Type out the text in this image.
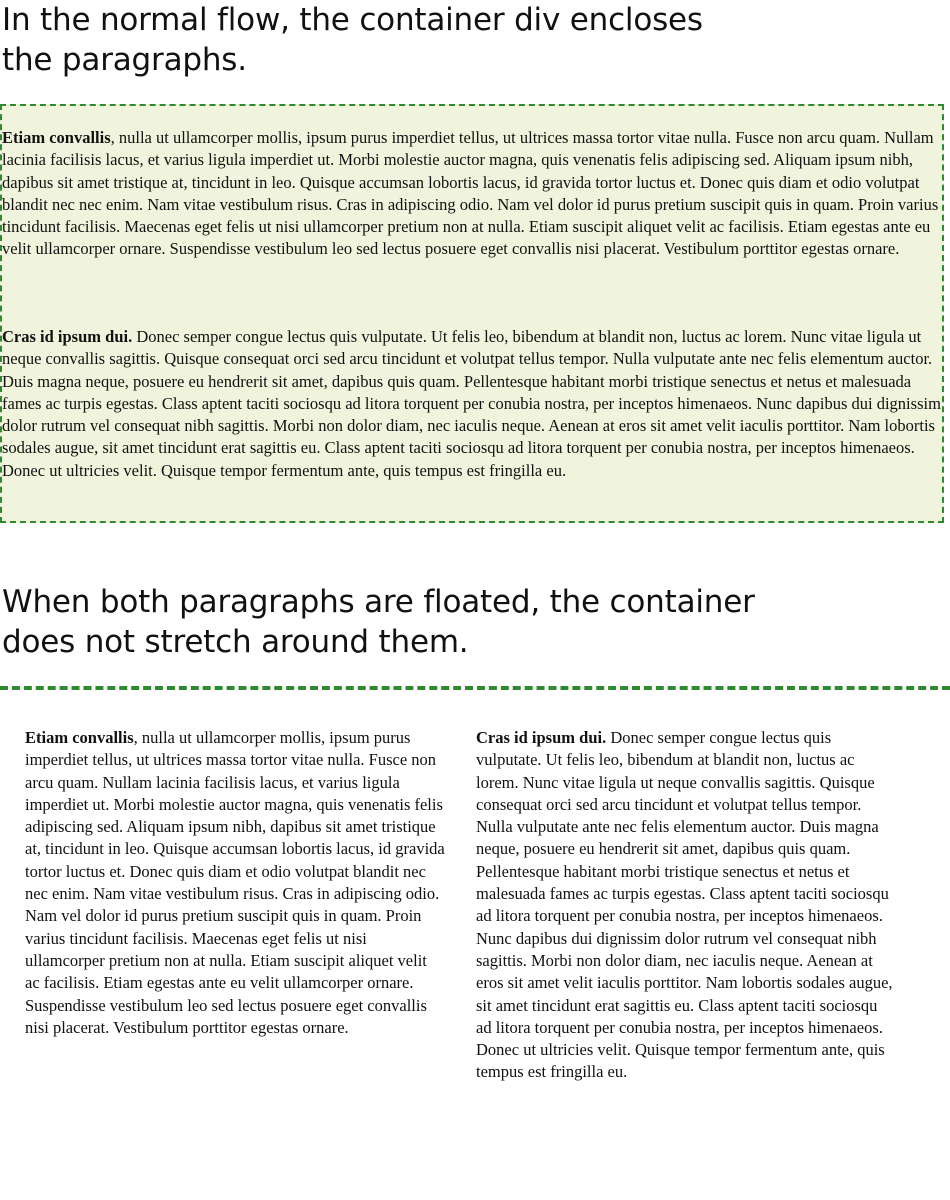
In the normal flow, the container div encloses
the paragraphs.

Etiam convallis, nulla ut ullamcorper mollis, ipsum purus imperdiet tellus, ut ultrices massa tortor vitae nulla. Fusce non arcu quam. Nullam lacinia facilisis lacus, et varius ligula imperdiet ut. Morbi molestie auctor magna, quis venenatis felis adipiscing sed. Aliquam ipsum nibh, dapibus sit amet tristique at, tincidunt in leo. Quisque accumsan lobortis lacus, id gravida tortor luctus et. Donec quis diam et odio volutpat blandit nec nec enim. Nam vitae vestibulum risus. Cras in adipiscing odio. Nam vel dolor id purus pretium suscipit quis in quam. Proin varius tincidunt facilisis. Maecenas eget felis ut nisi ullamcorper pretium non at nulla. Etiam suscipit aliquet velit ac facilisis. Etiam egestas ante eu velit ullamcorper ornare. Suspendisse vestibulum leo sed lectus posuere eget convallis nisi placerat. Vestibulum porttitor egestas ornare.

Cras id ipsum dui. Donec semper congue lectus quis vulputate. Ut felis leo, bibendum at blandit non, luctus ac lorem. Nunc vitae ligula ut neque convallis sagittis. Quisque consequat orci sed arcu tincidunt et volutpat tellus tempor. Nulla vulputate ante nec felis elementum auctor. Duis magna neque, posuere eu hendrerit sit amet, dapibus quis quam. Pellentesque habitant morbi tristique senectus et netus et malesuada fames ac turpis egestas. Class aptent taciti sociosqu ad litora torquent per conubia nostra, per inceptos himenaeos. Nunc dapibus dui dignissim dolor rutrum vel consequat nibh sagittis. Morbi non dolor diam, nec iaculis neque. Aenean at eros sit amet velit iaculis porttitor. Nam lobortis sodales augue, sit amet tincidunt erat sagittis eu. Class aptent taciti sociosqu ad litora torquent per conubia nostra, per inceptos himenaeos. Donec ut ultricies velit. Quisque tempor fermentum ante, quis tempus est fringilla eu.

When both paragraphs are floated, the container
does not stretch around them.

Etiam convallis, nulla ut ullamcorper mollis, ipsum purus imperdiet tellus, ut ultrices massa tortor vitae nulla. Fusce non arcu quam. Nullam lacinia facilisis lacus, et varius ligula imperdiet ut. Morbi molestie auctor magna, quis venenatis felis adipiscing sed. Aliquam ipsum nibh, dapibus sit amet tristique at, tincidunt in leo. Quisque accumsan lobortis lacus, id gravida tortor luctus et. Donec quis diam et odio volutpat blandit nec nec enim. Nam vitae vestibulum risus. Cras in adipiscing odio. Nam vel dolor id purus pretium suscipit quis in quam. Proin varius tincidunt facilisis. Maecenas eget felis ut nisi ullamcorper pretium non at nulla. Etiam suscipit aliquet velit ac facilisis. Etiam egestas ante eu velit ullamcorper ornare. Suspendisse vestibulum leo sed lectus posuere eget convallis nisi placerat. Vestibulum porttitor egestas ornare.

Cras id ipsum dui. Donec semper congue lectus quis vulputate. Ut felis leo, bibendum at blandit non, luctus ac lorem. Nunc vitae ligula ut neque convallis sagittis. Quisque consequat orci sed arcu tincidunt et volutpat tellus tempor. Nulla vulputate ante nec felis elementum auctor. Duis magna neque, posuere eu hendrerit sit amet, dapibus quis quam. Pellentesque habitant morbi tristique senectus et netus et malesuada fames ac turpis egestas. Class aptent taciti sociosqu ad litora torquent per conubia nostra, per inceptos himenaeos. Nunc dapibus dui dignissim dolor rutrum vel consequat nibh sagittis. Morbi non dolor diam, nec iaculis neque. Aenean at eros sit amet velit iaculis porttitor. Nam lobortis sodales augue, sit amet tincidunt erat sagittis eu. Class aptent taciti sociosqu ad litora torquent per conubia nostra, per inceptos himenaeos. Donec ut ultricies velit. Quisque tempor fermentum ante, quis tempus est fringilla eu.
